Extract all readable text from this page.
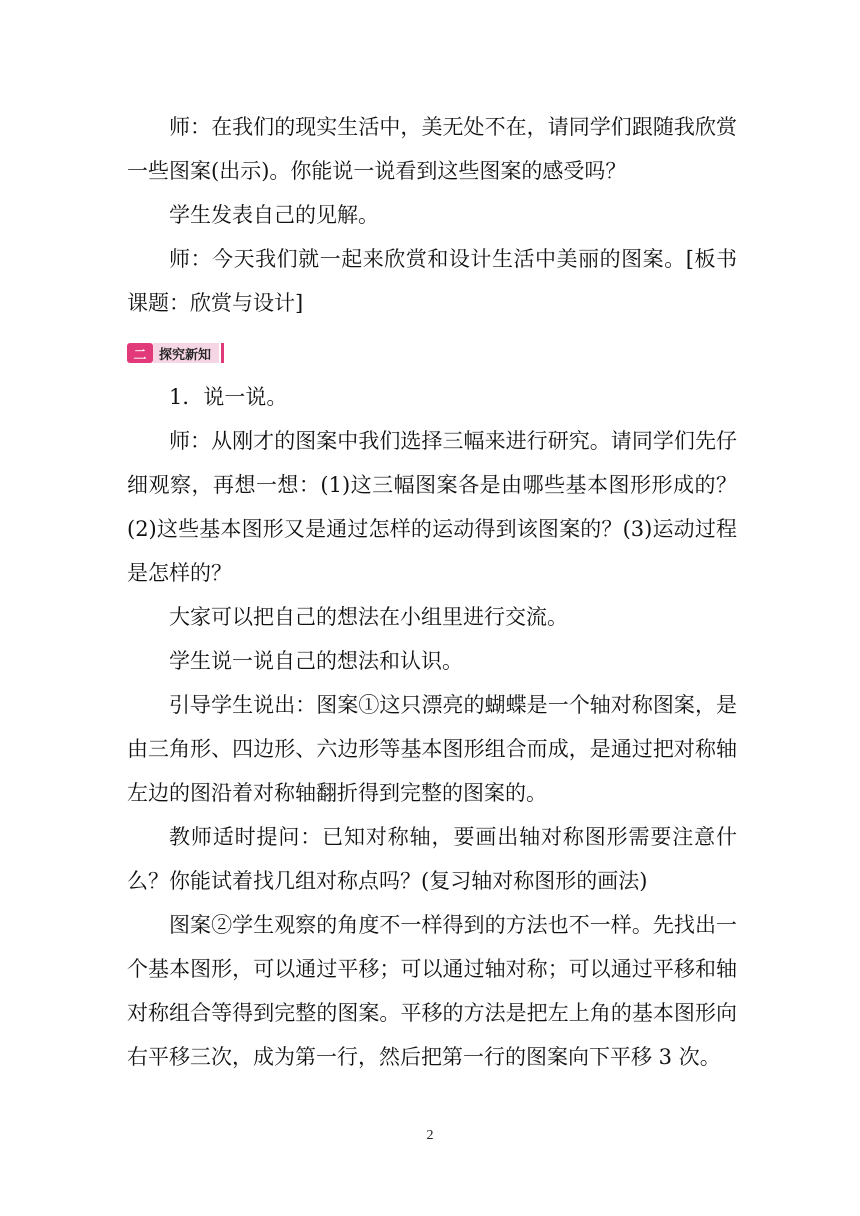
师：在我们的现实生活中，美无处不在，请同学们跟随我欣赏一些图案(出示)。你能说一说看到这些图案的感受吗？

学生发表自己的见解。

师：今天我们就一起来欣赏和设计生活中美丽的图案。[板书课题：欣赏与设计]

二 探究新知

1．说一说。

师：从刚才的图案中我们选择三幅来进行研究。请同学们先仔细观察，再想一想：(1)这三幅图案各是由哪些基本图形形成的？(2)这些基本图形又是通过怎样的运动得到该图案的？(3)运动过程是怎样的？

大家可以把自己的想法在小组里进行交流。

学生说一说自己的想法和认识。

引导学生说出：图案①这只漂亮的蝴蝶是一个轴对称图案，是由三角形、四边形、六边形等基本图形组合而成，是通过把对称轴左边的图沿着对称轴翻折得到完整的图案的。

教师适时提问：已知对称轴，要画出轴对称图形需要注意什么？你能试着找几组对称点吗？(复习轴对称图形的画法)

图案②学生观察的角度不一样得到的方法也不一样。先找出一个基本图形，可以通过平移；可以通过轴对称；可以通过平移和轴对称组合等得到完整的图案。平移的方法是把左上角的基本图形向右平移三次，成为第一行，然后把第一行的图案向下平移 3 次。

2
